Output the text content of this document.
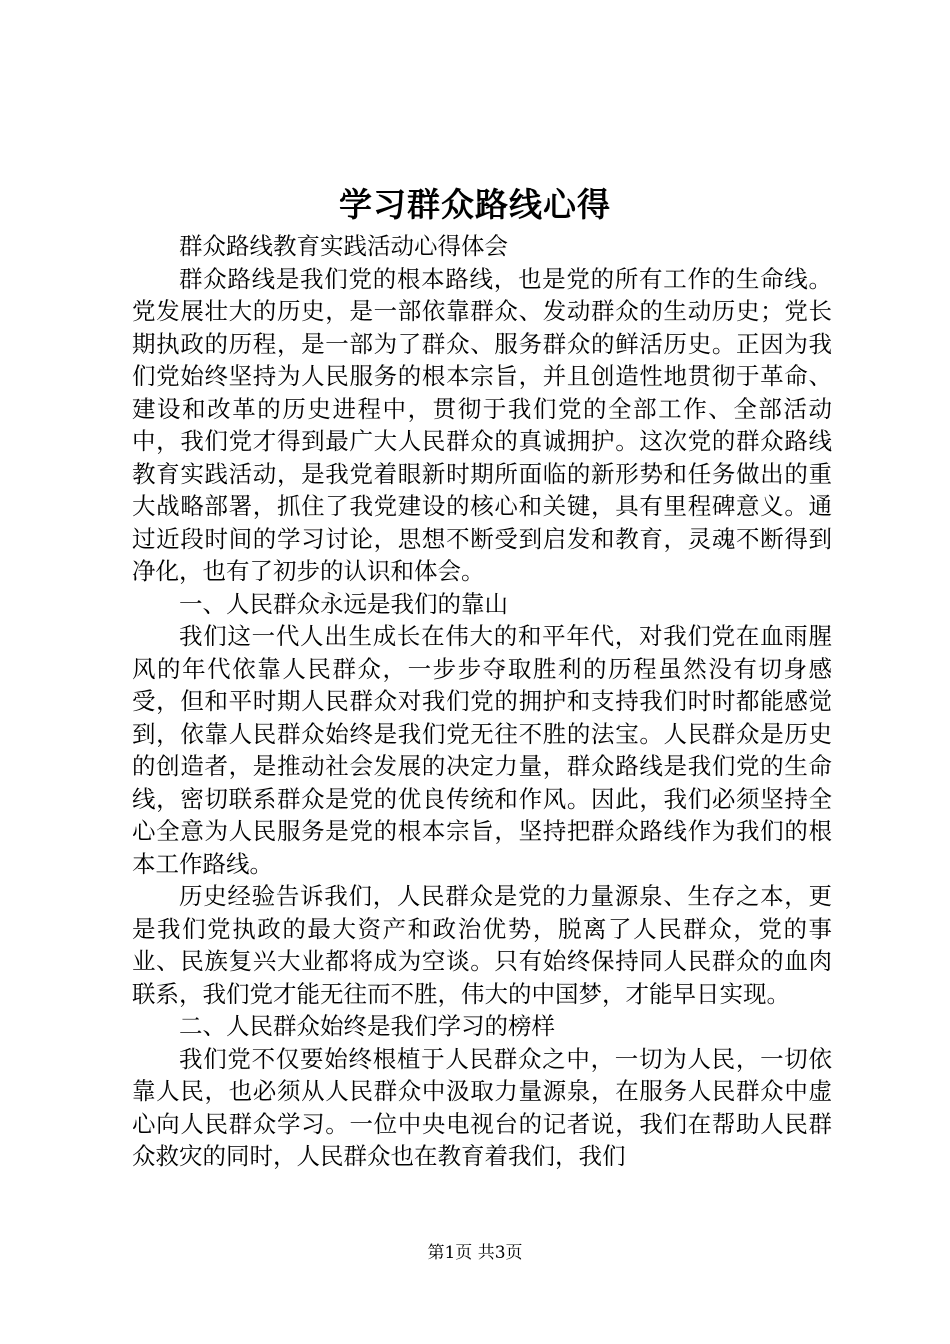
学习群众路线心得

群众路线教育实践活动心得体会

群众路线是我们党的根本路线，也是党的所有工作的生命线。党发展壮大的历史，是一部依靠群众、发动群众的生动历史；党长期执政的历程，是一部为了群众、服务群众的鲜活历史。正因为我们党始终坚持为人民服务的根本宗旨，并且创造性地贯彻于革命、建设和改革的历史进程中，贯彻于我们党的全部工作、全部活动中，我们党才得到最广大人民群众的真诚拥护。这次党的群众路线教育实践活动，是我党着眼新时期所面临的新形势和任务做出的重大战略部署，抓住了我党建设的核心和关键，具有里程碑意义。通过近段时间的学习讨论，思想不断受到启发和教育，灵魂不断得到净化，也有了初步的认识和体会。

一、人民群众永远是我们的靠山

我们这一代人出生成长在伟大的和平年代，对我们党在血雨腥风的年代依靠人民群众，一步步夺取胜利的历程虽然没有切身感受，但和平时期人民群众对我们党的拥护和支持我们时时都能感觉到，依靠人民群众始终是我们党无往不胜的法宝。人民群众是历史的创造者，是推动社会发展的决定力量，群众路线是我们党的生命线，密切联系群众是党的优良传统和作风。因此，我们必须坚持全心全意为人民服务是党的根本宗旨，坚持把群众路线作为我们的根本工作路线。

历史经验告诉我们，人民群众是党的力量源泉、生存之本，更是我们党执政的最大资产和政治优势，脱离了人民群众，党的事业、民族复兴大业都将成为空谈。只有始终保持同人民群众的血肉联系，我们党才能无往而不胜，伟大的中国梦，才能早日实现。

二、人民群众始终是我们学习的榜样

我们党不仅要始终根植于人民群众之中，一切为人民，一切依靠人民，也必须从人民群众中汲取力量源泉，在服务人民群众中虚心向人民群众学习。一位中央电视台的记者说，我们在帮助人民群众救灾的同时，人民群众也在教育着我们，我们

第1页 共3页
